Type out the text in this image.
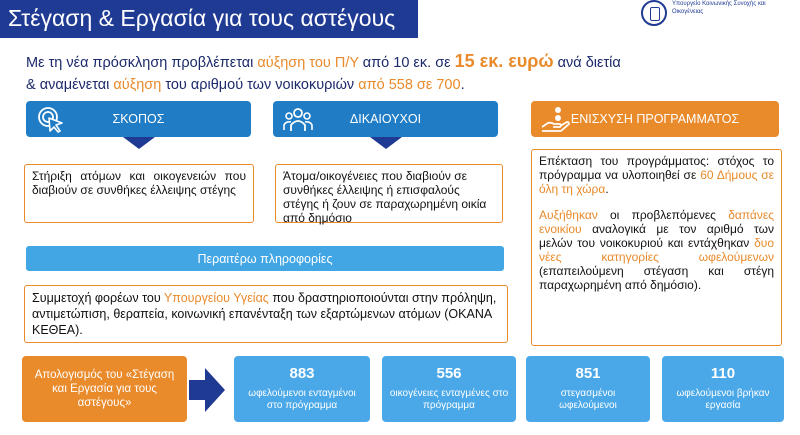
Στέγαση & Εργασία για τους αστέγους
Υπουργείο Κοινωνικής Συνοχής και Οικογένειας
Με τη νέα πρόσκληση προβλέπεται αύξηση του Π/Υ από 10 εκ. σε 15 εκ. ευρώ ανά διετία
& αναμένεται αύξηση του αριθμού των νοικοκυριών από 558 σε 700.
ΣΚΟΠΟΣ
Στήριξη ατόμων και οικογενειών που διαβιούν σε συνθήκες έλλειψης στέγης
ΔΙΚΑΙΟΥΧΟΙ
Άτομα/οικογένειες που διαβιούν σε συνθήκες έλλειψης ή επισφαλούς στέγης ή ζουν σε παραχωρημένη οικία από δημόσιο
ΕΝΙΣΧΥΣΗ ΠΡΟΓΡΑΜΜΑΤΟΣ

Επέκταση του προγράμματος: στόχος το πρόγραμμα να υλοποιηθεί σε 60 Δήμους σε όλη τη χώρα.

Αυξήθηκαν οι προβλεπόμενες δαπάνες ενοικίου αναλογικά με τον αριθμό των μελών του νοικοκυριού και εντάχθηκαν δυο νέες κατηγορίες ωφελούμενων (επαπειλούμενη στέγαση και στέγη παραχωρημένη από δημόσιο).

Περαιτέρω πληροφορίες
Συμμετοχή φορέων του Υπουργείου Υγείας που δραστηριοποιούνται στην πρόληψη, αντιμετώπιση, θεραπεία, κοινωνική επανένταξη των εξαρτώμενων ατόμων (ΟΚΑΝΑ ΚΕΘΕΑ).
Απολογισμός του «Στέγαση και Εργασία για τους αστέγους»
883
ωφελούμενοι ενταγμένοι στο πρόγραμμα
556
οικογένειες ενταγμένες στο πρόγραμμα
851
στεγασμένοι ωφελούμενοι
110
ωφελούμενοι βρήκαν εργασία
